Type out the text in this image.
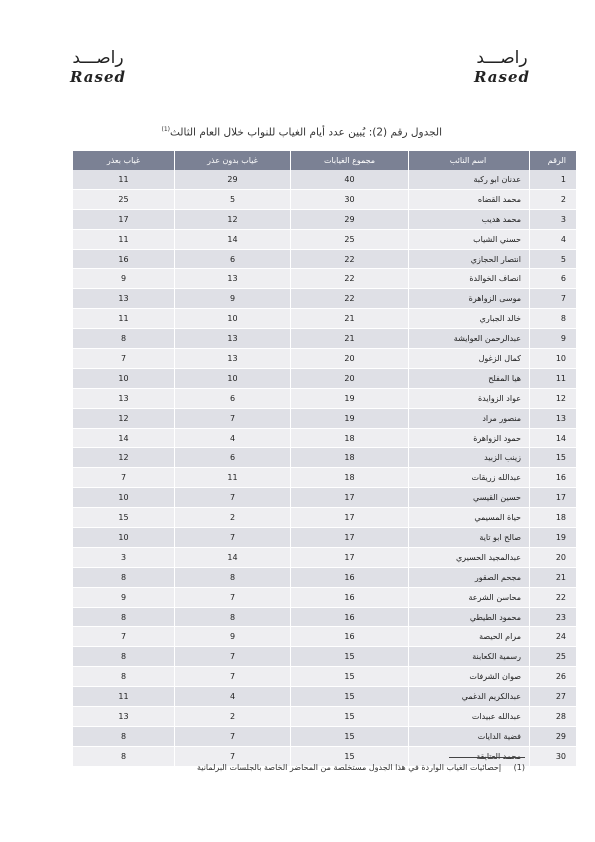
راصـــد
Rased
راصـــد
Rased
الجدول رقم (2): يُبين عدد أيام الغياب للنواب خلال العام الثالث$^{(1)}$
الرقم	اسم النائب	مجموع الغيابات	غياب بدون عذر	غياب بعذر
1	عدنان ابو ركبة	40	29	11
2	محمد القضاه	30	5	25
3	محمد هديب	29	12	17
4	حسني الشياب	25	14	11
5	انتصار الحجازي	22	6	16
6	انصاف الخوالدة	22	13	9
7	موسى الزواهرة	22	9	13
8	خالد الجباري	21	10	11
9	عبدالرحمن العوايشة	21	13	8
10	كمال الزغول	20	13	7
11	هيا المفلح	20	10	10
12	عواد الزوايدة	19	6	13
13	منصور مراد	19	7	12
14	حمود الزواهرة	18	4	14
15	زينب الزبيد	18	6	12
16	عبدالله زريقات	18	11	7
17	حسين القيسي	17	7	10
18	حياة المسيمي	17	2	15
19	صالح ابو تاية	17	7	10
20	عبدالمجيد الحسيري	17	14	3
21	مجحم الصقور	16	8	8
22	محاسن الشرعة	16	7	9
23	محمود الطيطي	16	8	8
24	مرام الحيصة	16	9	7
25	رسمية الكعابنة	15	7	8
26	صوان الشرفات	15	7	8
27	عبدالكريم الدغمي	15	4	11
28	عبدالله عبيدات	15	2	13
29	فضية الدايات	15	7	8
30		15	7	8
(1) إحصائيات الغياب الواردة في هذا الجدول مستخلصة من المحاضر الخاصة بالجلسات البرلمانية
